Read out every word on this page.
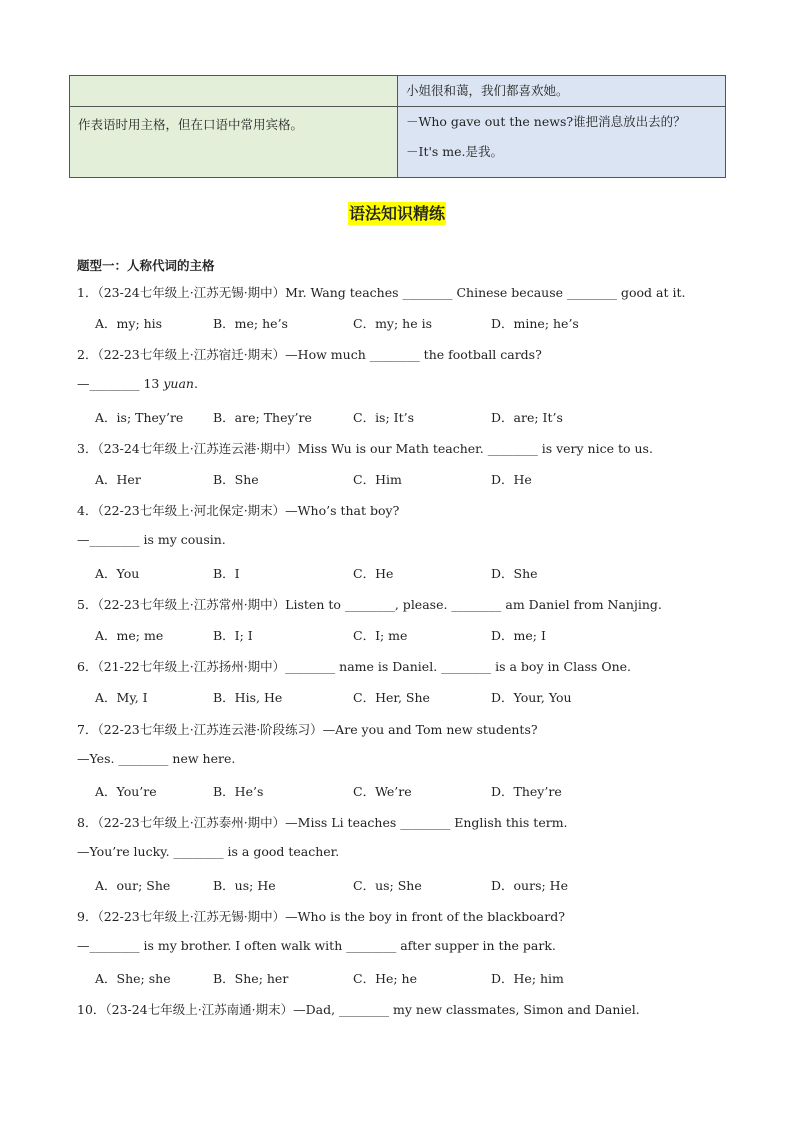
	小姐很和蔼，我们都喜欢她。
作表语时用主格，但在口语中常用宾格。	－Who gave out the news?谁把消息放出去的？
－It's me.是我。
语法知识精练
题型一：人称代词的主格
1．（23-24七年级上·江苏无锡·期中）Mr. Wang teaches ________ Chinese because ________ good at it.
A．my; his	B．me; he’s	C．my; he is	D．mine; he’s
2．（22-23七年级上·江苏宿迁·期末）—How much ________ the football cards?
—________ 13 yuan.
A．is; They’re B．are; They’re	C．is; It’s	D．are; It’s
3．（23-24七年级上·江苏连云港·期中）Miss Wu is our Math teacher. ________ is very nice to us.
A．Her	B．She	C．Him	D．He
4．（22-23七年级上·河北保定·期末）—Who’s that boy?
—________ is my cousin.
A．You	B．I	C．He	D．She
5．（22-23七年级上·江苏常州·期中）Listen to ________, please. ________ am Daniel from Nanjing.
A．me; me	B．I; I	C．I; me	D．me; I
6．（21-22七年级上·江苏扬州·期中）________ name is Daniel. ________ is a boy in Class One.
A．My, I	B．His, He	C．Her, She	D．Your, You
7．（22-23七年级上·江苏连云港·阶段练习）—Are you and Tom new students?
—Yes. ________ new here.
A．You’re	B．He’s	C．We’re	D．They’re
8．（22-23七年级上·江苏泰州·期中）—Miss Li teaches ________ English this term.
—You’re lucky. ________ is a good teacher.
A．our; She	B．us; He	C．us; She	D．ours; He
9．（22-23七年级上·江苏无锡·期中）—Who is the boy in front of the blackboard?
—________ is my brother. I often walk with ________ after supper in the park.
A．She; she	B．She; her	C．He; he	D．He; him
10．（23-24七年级上·江苏南通·期末）—Dad, ________ my new classmates, Simon and Daniel.
